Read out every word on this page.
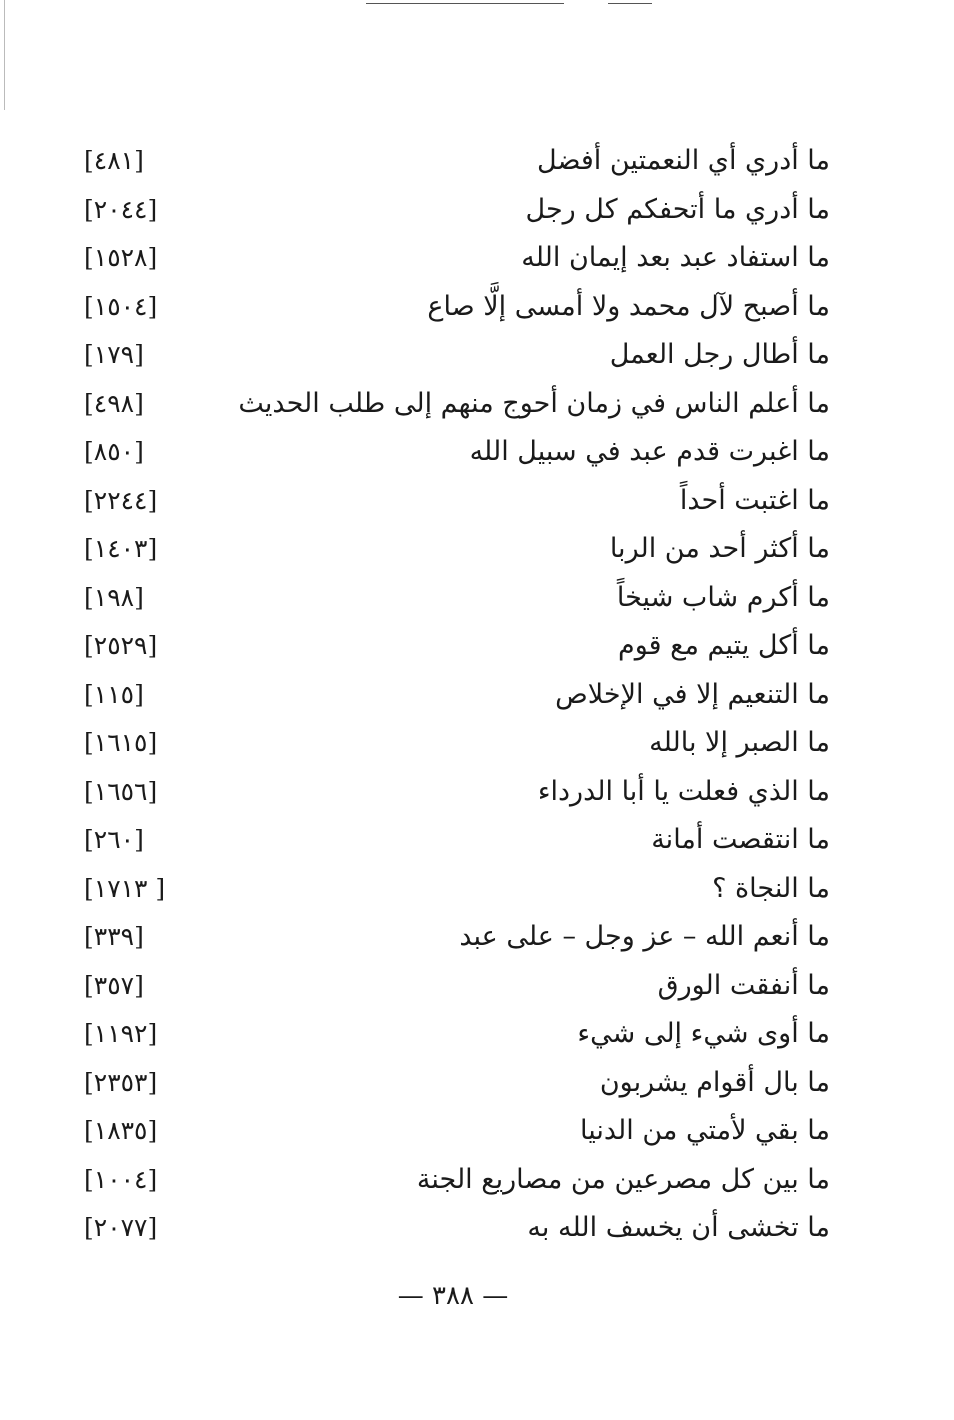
ما أدري أي النعمتين أفضل
[٤٨١]
ما أدري ما أتحفكم كل رجل
[٢٠٤٤]
ما استفاد عبد بعد إيمان الله
[١٥٢٨]
ما أصبح لآل محمد ولا أمسى إلَّا صاع
[١٥٠٤]
ما أطال رجل العمل
[١٧٩]
ما أعلم الناس في زمان أحوج منهم إلى طلب الحديث
[٤٩٨]
ما اغبرت قدم عبد في سبيل الله
[٨٥٠]
ما اغتبت أحداً
[٢٢٤٤]
ما أكثر أحد من الربا
[١٤٠٣]
ما أكرم شاب شيخاً
[١٩٨]
ما أكل يتيم مع قوم
[٢٥٢٩]
ما التنعيم إلا في الإخلاص
[١١٥]
ما الصبر إلا بالله
[١٦١٥]
ما الذي فعلت يا أبا الدرداء
[١٦٥٦]
ما انتقصت أمانة
[٢٦٠]
ما النجاة ؟
[ ١٧١٣]
ما أنعم الله – عز وجل – على عبد
[٣٣٩]
ما أنفقت الورق
[٣٥٧]
ما أوى شيء إلى شيء
[١١٩٢]
ما بال أقوام يشربون
[٢٣٥٣]
ما بقي لأمتي من الدنيا
[١٨٣٥]
ما بين كل مصرعين من مصاريع الجنة
[١٠٠٤]
ما تخشى أن يخسف الله به
[٢٠٧٧]
— ٣٨٨ —
